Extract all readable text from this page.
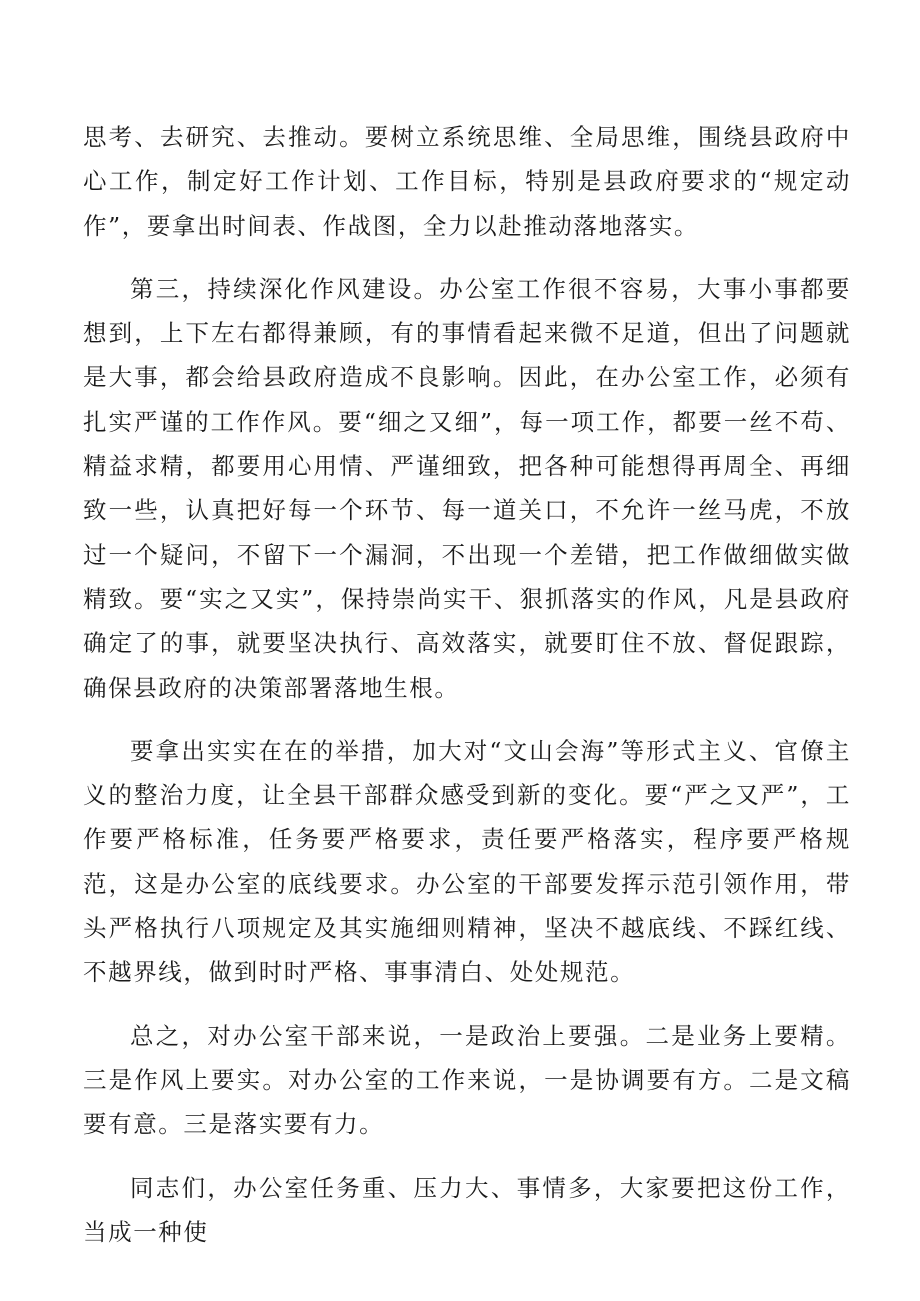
思考、去研究、去推动。要树立系统思维、全局思维，围绕县政府中心工作，制定好工作计划、工作目标，特别是县政府要求的“规定动作”，要拿出时间表、作战图，全力以赴推动落地落实。

第三，持续深化作风建设。办公室工作很不容易，大事小事都要想到，上下左右都得兼顾，有的事情看起来微不足道，但出了问题就是大事，都会给县政府造成不良影响。因此，在办公室工作，必须有扎实严谨的工作作风。要“细之又细”，每一项工作，都要一丝不苟、精益求精，都要用心用情、严谨细致，把各种可能想得再周全、再细致一些，认真把好每一个环节、每一道关口，不允许一丝马虎，不放过一个疑问，不留下一个漏洞，不出现一个差错，把工作做细做实做精致。要“实之又实”，保持崇尚实干、狠抓落实的作风，凡是县政府确定了的事，就要坚决执行、高效落实，就要盯住不放、督促跟踪，确保县政府的决策部署落地生根。

要拿出实实在在的举措，加大对“文山会海”等形式主义、官僚主义的整治力度，让全县干部群众感受到新的变化。要“严之又严”，工作要严格标准，任务要严格要求，责任要严格落实，程序要严格规范，这是办公室的底线要求。办公室的干部要发挥示范引领作用，带头严格执行八项规定及其实施细则精神，坚决不越底线、不踩红线、不越界线，做到时时严格、事事清白、处处规范。

总之，对办公室干部来说，一是政治上要强。二是业务上要精。三是作风上要实。对办公室的工作来说，一是协调要有方。二是文稿要有意。三是落实要有力。

同志们，办公室任务重、压力大、事情多，大家要把这份工作，当成一种使
